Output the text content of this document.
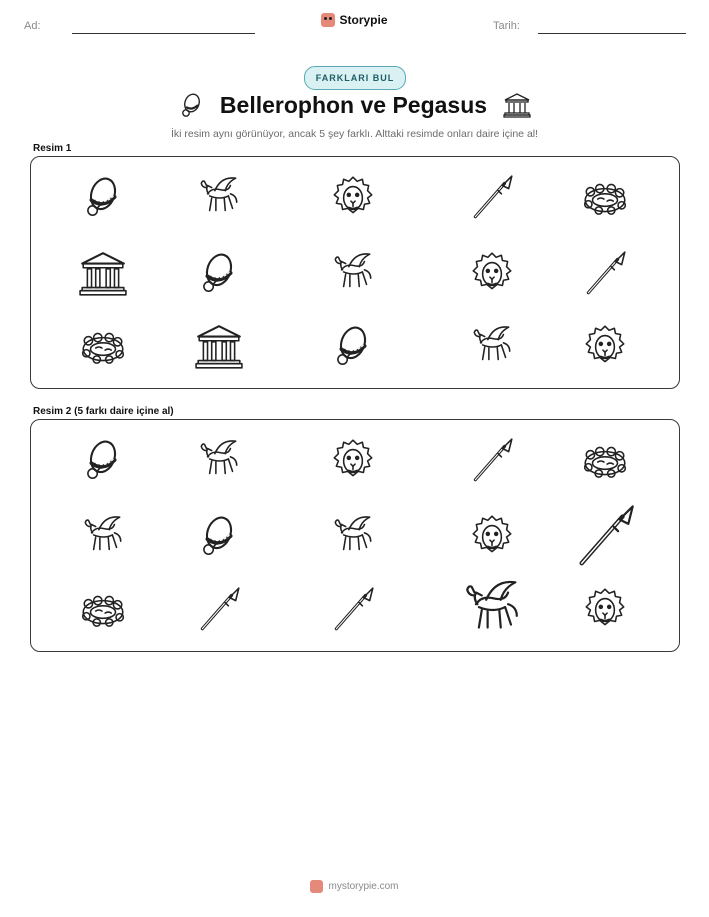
Ad:	Storypie	Tarih:
FARKLARI BUL
Bellerophon ve Pegasus
İki resim aynı görünüyor, ancak 5 şey farklı. Alttaki resimde onları daire içine al!
Resim 1
Resim 2 (5 farkı daire içine al)
mystorypie.com
